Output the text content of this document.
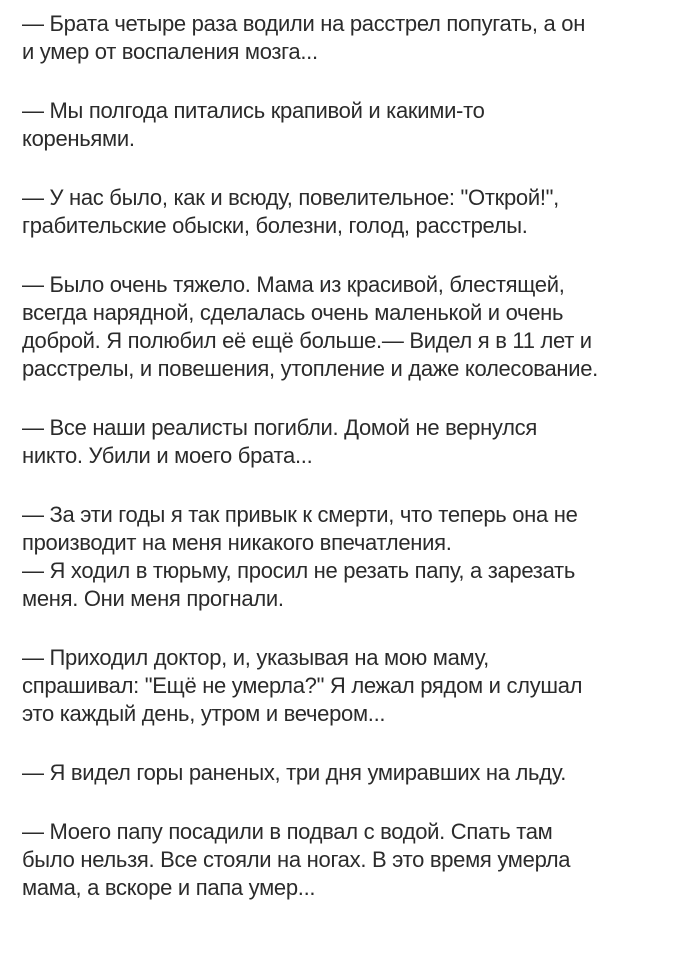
— Брата четыре раза водили на расстрел попугать, а он
и умер от воспаления мозга...

— Мы полгода питались крапивой и какими-то
кореньями.

— У нас было, как и всюду, повелительное: "Открой!",
грабительские обыски, болезни, голод, расстрелы.

— Было очень тяжело. Мама из красивой, блестящей,
всегда нарядной, сделалась очень маленькой и очень
доброй. Я полюбил её ещё больше.— Видел я в 11 лет и
расстрелы, и повешения, утопление и даже колесование.

— Все наши реалисты погибли. Домой не вернулся
никто. Убили и моего брата...

— За эти годы я так привык к смерти, что теперь она не
производит на меня никакого впечатления.
— Я ходил в тюрьму, просил не резать папу, а зарезать
меня. Они меня прогнали.

— Приходил доктор, и, указывая на мою маму,
спрашивал: "Ещё не умерла?" Я лежал рядом и слушал
это каждый день, утром и вечером...

— Я видел горы раненых, три дня умиравших на льду.

— Моего папу посадили в подвал с водой. Спать там
было нельзя. Все стояли на ногах. В это время умерла
мама, а вскоре и папа умер...
